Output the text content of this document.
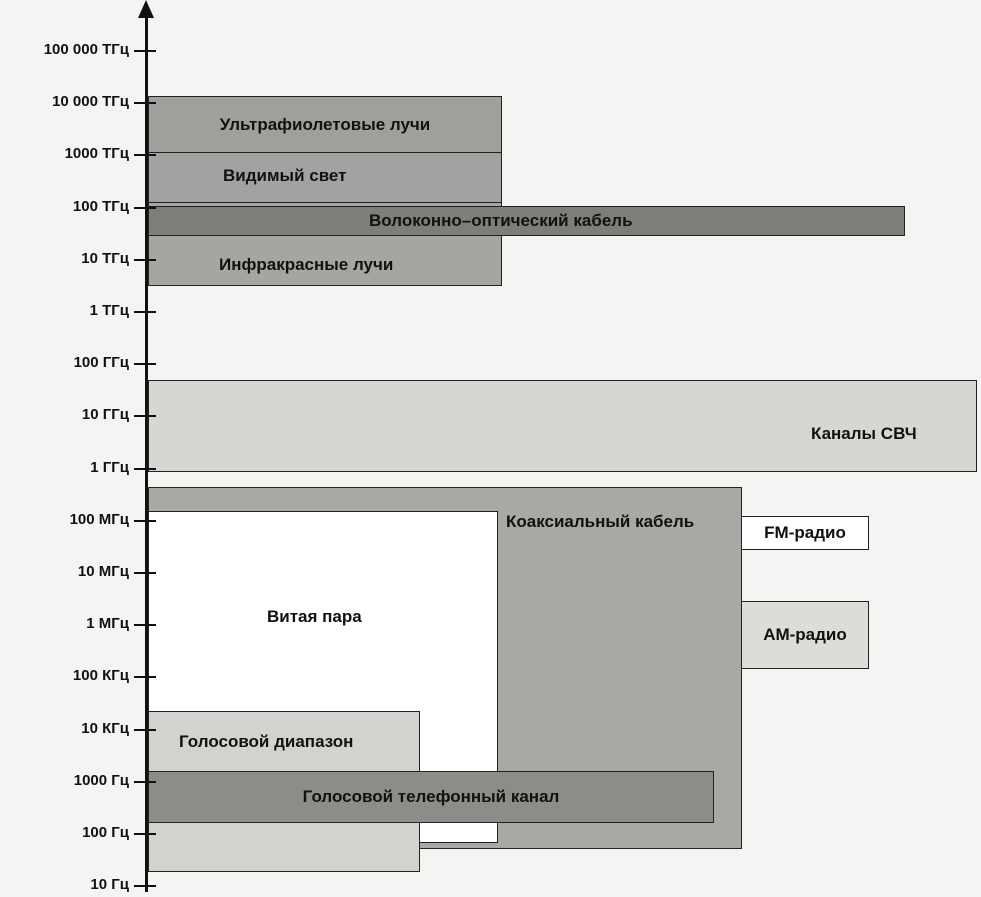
Коаксиальный кабель
Витая пара
Голосовой диапазон
Голосовой телефонный канал
FM-радио
АМ-радио
Каналы СВЧ
Ультрафиолетовые лучи
Видимый свет
Инфракрасные лучи
Волоконно–оптический кабель
100 000 ТГц
10 000 ТГц
1000 ТГц
100 ТГц
10 ТГц
1 ТГц
100 ГГц
10 ГГц
1 ГГц
100 МГц
10 МГц
1 МГц
100 КГц
10 КГц
1000 Гц
100 Гц
10 Гц
